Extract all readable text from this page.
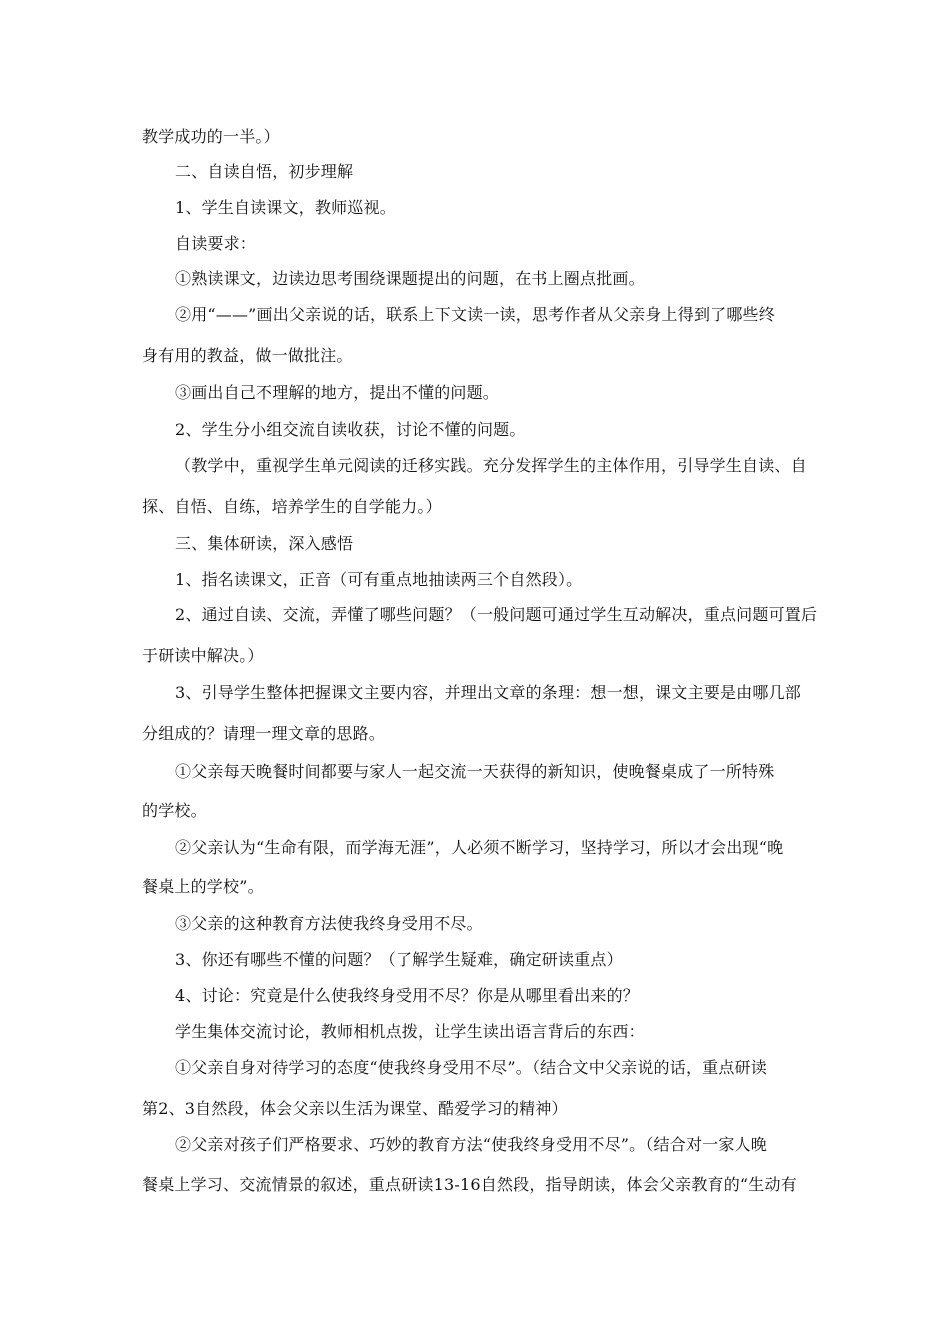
教学成功的一半。）
二、自读自悟，初步理解
1、学生自读课文，教师巡视。
自读要求：
①熟读课文，边读边思考围绕课题提出的问题，在书上圈点批画。
②用“——”画出父亲说的话，联系上下文读一读，思考作者从父亲身上得到了哪些终
身有用的教益，做一做批注。
③画出自己不理解的地方，提出不懂的问题。
2、学生分小组交流自读收获，讨论不懂的问题。
（教学中，重视学生单元阅读的迁移实践。充分发挥学生的主体作用，引导学生自读、自
探、自悟、自练，培养学生的自学能力。）
三、集体研读，深入感悟
1、指名读课文，正音（可有重点地抽读两三个自然段）。
2、通过自读、交流，弄懂了哪些问题？（一般问题可通过学生互动解决，重点问题可置后
于研读中解决。）
3、引导学生整体把握课文主要内容，并理出文章的条理：想一想，课文主要是由哪几部
分组成的？请理一理文章的思路。
①父亲每天晚餐时间都要与家人一起交流一天获得的新知识，使晚餐桌成了一所特殊
的学校。
②父亲认为“生命有限，而学海无涯”，人必须不断学习，坚持学习，所以才会出现“晚
餐桌上的学校”。
③父亲的这种教育方法使我终身受用不尽。
3、你还有哪些不懂的问题？（了解学生疑难，确定研读重点）
4、讨论：究竟是什么使我终身受用不尽？你是从哪里看出来的？
学生集体交流讨论，教师相机点拨，让学生读出语言背后的东西：
①父亲自身对待学习的态度“使我终身受用不尽”。（结合文中父亲说的话，重点研读
第2、3自然段，体会父亲以生活为课堂、酷爱学习的精神）
②父亲对孩子们严格要求、巧妙的教育方法“使我终身受用不尽”。（结合对一家人晚
餐桌上学习、交流情景的叙述，重点研读13-16自然段，指导朗读，体会父亲教育的“生动有
